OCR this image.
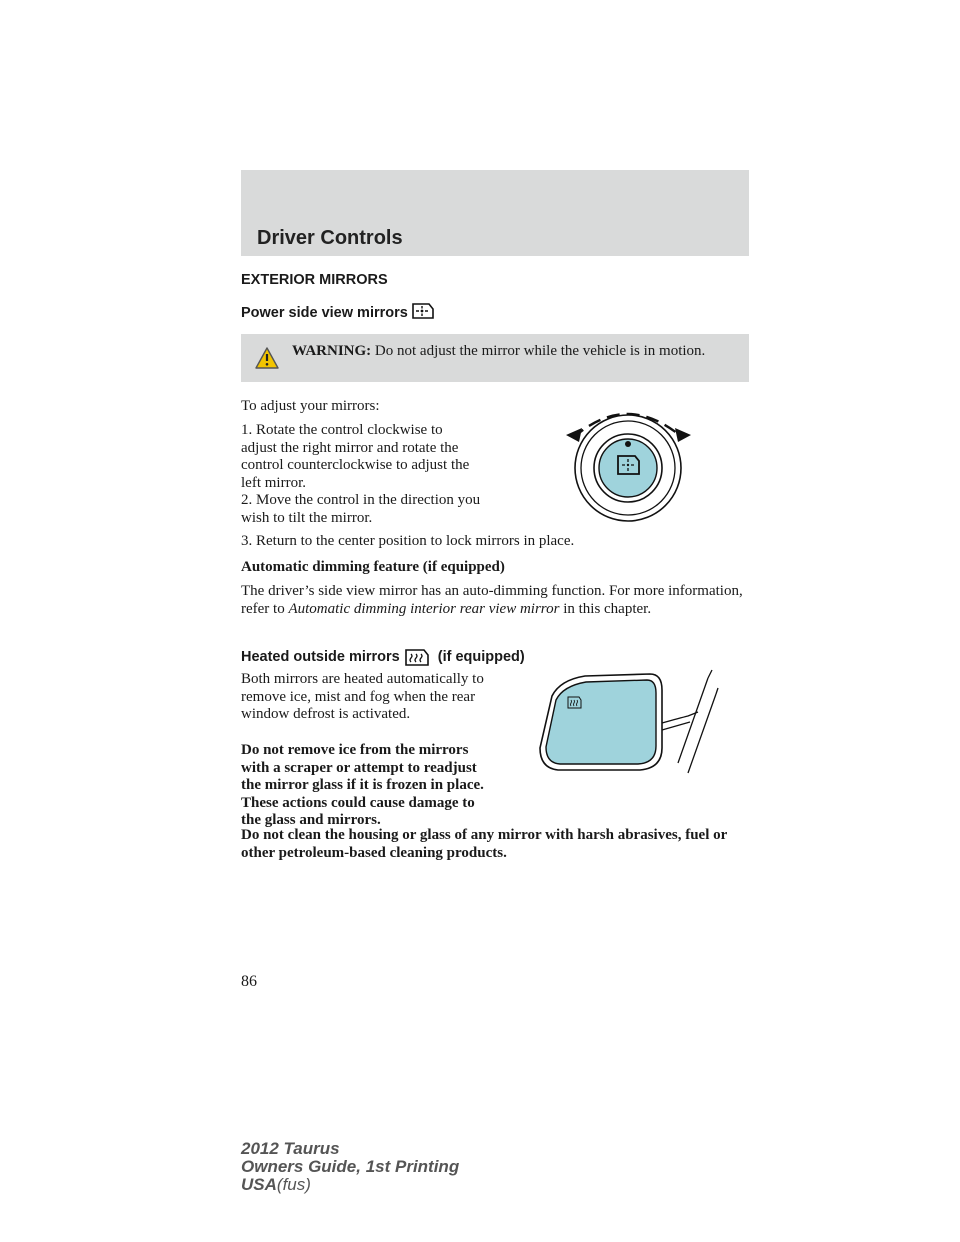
Driver Controls
EXTERIOR MIRRORS
Power side view mirrors
WARNING: Do not adjust the mirror while the vehicle is in motion.
To adjust your mirrors:
1. Rotate the control clockwise to adjust the right mirror and rotate the control counterclockwise to adjust the left mirror.
2. Move the control in the direction you wish to tilt the mirror.
3. Return to the center position to lock mirrors in place.
Automatic dimming feature (if equipped)
The driver’s side view mirror has an auto-dimming function. For more information, refer to Automatic dimming interior rear view mirror in this chapter.
Heated outside mirrors	(if equipped)
Both mirrors are heated automatically to remove ice, mist and fog when the rear window defrost is activated.
Do not remove ice from the mirrors with a scraper or attempt to readjust the mirror glass if it is frozen in place. These actions could cause damage to the glass and mirrors.
Do not clean the housing or glass of any mirror with harsh abrasives, fuel or other petroleum-based cleaning products.
86
2012 Taurus
Owners Guide, 1st Printing
USA(fus)
